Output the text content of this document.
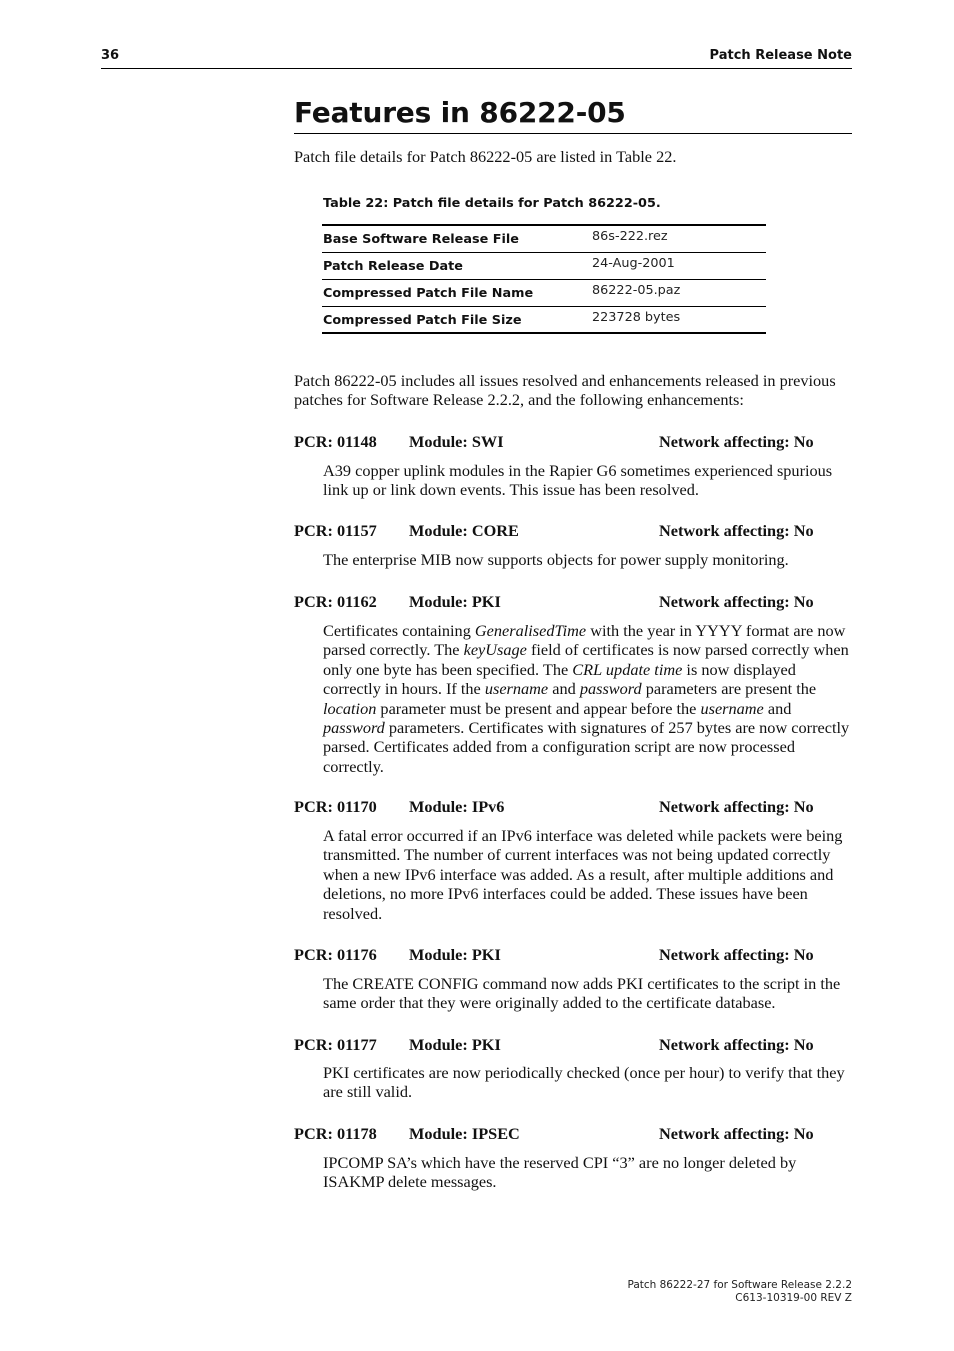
36	Patch Release Note
Features in 86222-05
Patch file details for Patch 86222-05 are listed in Table 22.
Table 22: Patch file details for Patch 86222-05.
Base Software Release File	86s-222.rez
Patch Release Date	24-Aug-2001
Compressed Patch File Name	86222-05.paz
Compressed Patch File Size	223728 bytes
Patch 86222-05 includes all issues resolved and enhancements released in previous patches for Software Release 2.2.2, and the following enhancements:
PCR: 01148 Module: SWI	Network affecting: No
A39 copper uplink modules in the Rapier G6 sometimes experienced spurious link up or link down events. This issue has been resolved.
PCR: 01157 Module: CORE	Network affecting: No
The enterprise MIB now supports objects for power supply monitoring.
PCR: 01162 Module: PKI	Network affecting: No
Certificates containing GeneralisedTime with the year in YYYY format are now parsed correctly. The keyUsage field of certificates is now parsed correctly when only one byte has been specified. The CRL update time is now displayed correctly in hours. If the username and password parameters are present the location parameter must be present and appear before the username and password parameters. Certificates with signatures of 257 bytes are now correctly parsed. Certificates added from a configuration script are now processed correctly.
PCR: 01170 Module: IPv6	Network affecting: No
A fatal error occurred if an IPv6 interface was deleted while packets were being transmitted. The number of current interfaces was not being updated correctly when a new IPv6 interface was added. As a result, after multiple additions and deletions, no more IPv6 interfaces could be added. These issues have been resolved.
PCR: 01176 Module: PKI	Network affecting: No
The CREATE CONFIG command now adds PKI certificates to the script in the same order that they were originally added to the certificate database.
PCR: 01177 Module: PKI	Network affecting: No
PKI certificates are now periodically checked (once per hour) to verify that they are still valid.
PCR: 01178 Module: IPSEC	Network affecting: No
IPCOMP SA’s which have the reserved CPI “3” are no longer deleted by ISAKMP delete messages.
Patch 86222-27 for Software Release 2.2.2
C613-10319-00 REV Z
